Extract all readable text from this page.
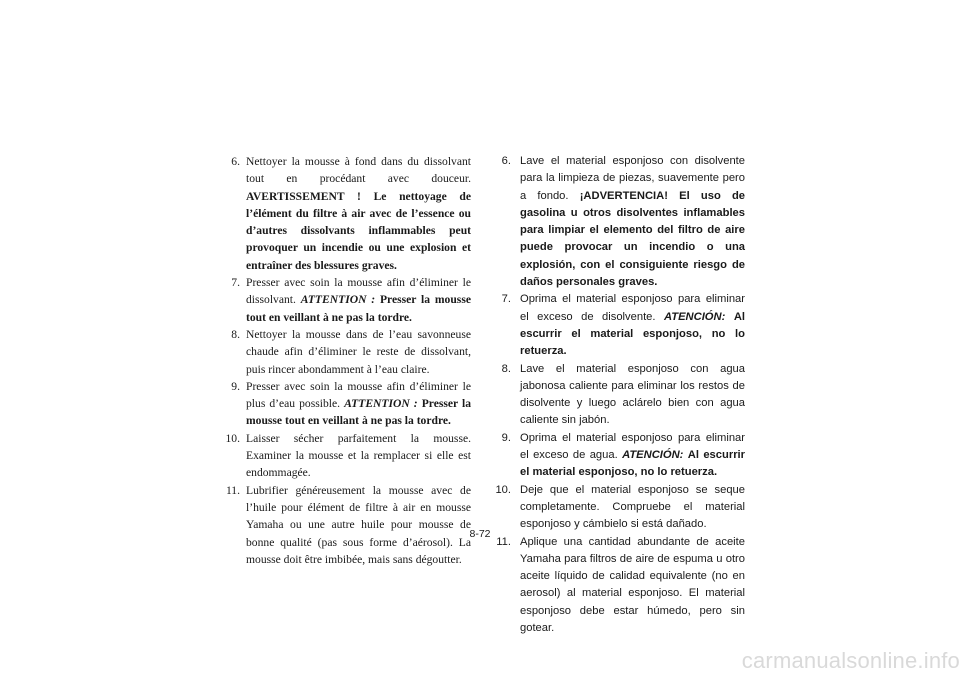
6. Nettoyer la mousse à fond dans du dissolvant tout en procédant avec douceur. AVERTISSEMENT ! Le nettoyage de l’élément du filtre à air avec de l’essence ou d’autres dissolvants inflammables peut provoquer un incendie ou une explosion et entraîner des blessures graves.
7. Presser avec soin la mousse afin d’éliminer le dissolvant. ATTENTION : Presser la mousse tout en veillant à ne pas la tordre.
8. Nettoyer la mousse dans de l’eau savonneuse chaude afin d’éliminer le reste de dissolvant, puis rincer abondamment à l’eau claire.
9. Presser avec soin la mousse afin d’éliminer le plus d’eau possible. ATTENTION : Presser la mousse tout en veillant à ne pas la tordre.
10. Laisser sécher parfaitement la mousse. Examiner la mousse et la remplacer si elle est endommagée.
11. Lubrifier généreusement la mousse avec de l’huile pour élément de filtre à air en mousse Yamaha ou une autre huile pour mousse de bonne qualité (pas sous forme d’aérosol). La mousse doit être imbibée, mais sans dégoutter.
6. Lave el material esponjoso con disolvente para la limpieza de piezas, suavemente pero a fondo. ¡ADVERTENCIA! El uso de gasolina u otros disolventes inflamables para limpiar el elemento del filtro de aire puede provocar un incendio o una explosión, con el consiguiente riesgo de daños personales graves.
7. Oprima el material esponjoso para eliminar el exceso de disolvente. ATENCIÓN: Al escurrir el material esponjoso, no lo retuerza.
8. Lave el material esponjoso con agua jabonosa caliente para eliminar los restos de disolvente y luego aclárelo bien con agua caliente sin jabón.
9. Oprima el material esponjoso para eliminar el exceso de agua. ATENCIÓN: Al escurrir el material esponjoso, no lo retuerza.
10. Deje que el material esponjoso se seque completamente. Compruebe el material esponjoso y cámbielo si está dañado.
11. Aplique una cantidad abundante de aceite Yamaha para filtros de aire de espuma u otro aceite líquido de calidad equivalente (no en aerosol) al material esponjoso. El material esponjoso debe estar húmedo, pero sin gotear.
8-72
carmanualsonline.info
